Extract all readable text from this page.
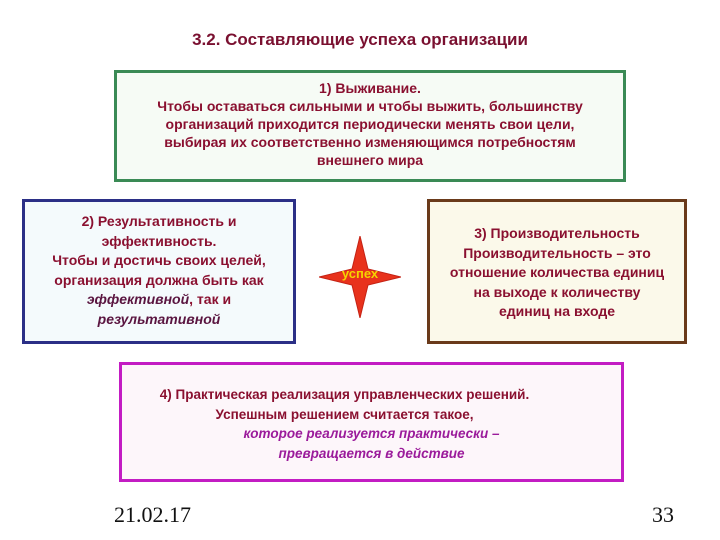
3.2. Составляющие успеха организации
1) Выживание.
Чтобы оставаться сильными и чтобы выжить, большинству
организаций приходится периодически менять свои цели,
выбирая их соответственно изменяющимся потребностям
внешнего мира
2) Результативность и
эффективность.
Чтобы и достичь своих целей,
организация должна быть как
эффективной, так и
результативной
3) Производительность
Производительность – это
отношение количества единиц
на выходе к количеству
единиц на входе
4) Практическая реализация управленческих решений.
Успешным решением считается такое,
которое реализуется практически –
превращается в действие
успех
21.02.17	33
